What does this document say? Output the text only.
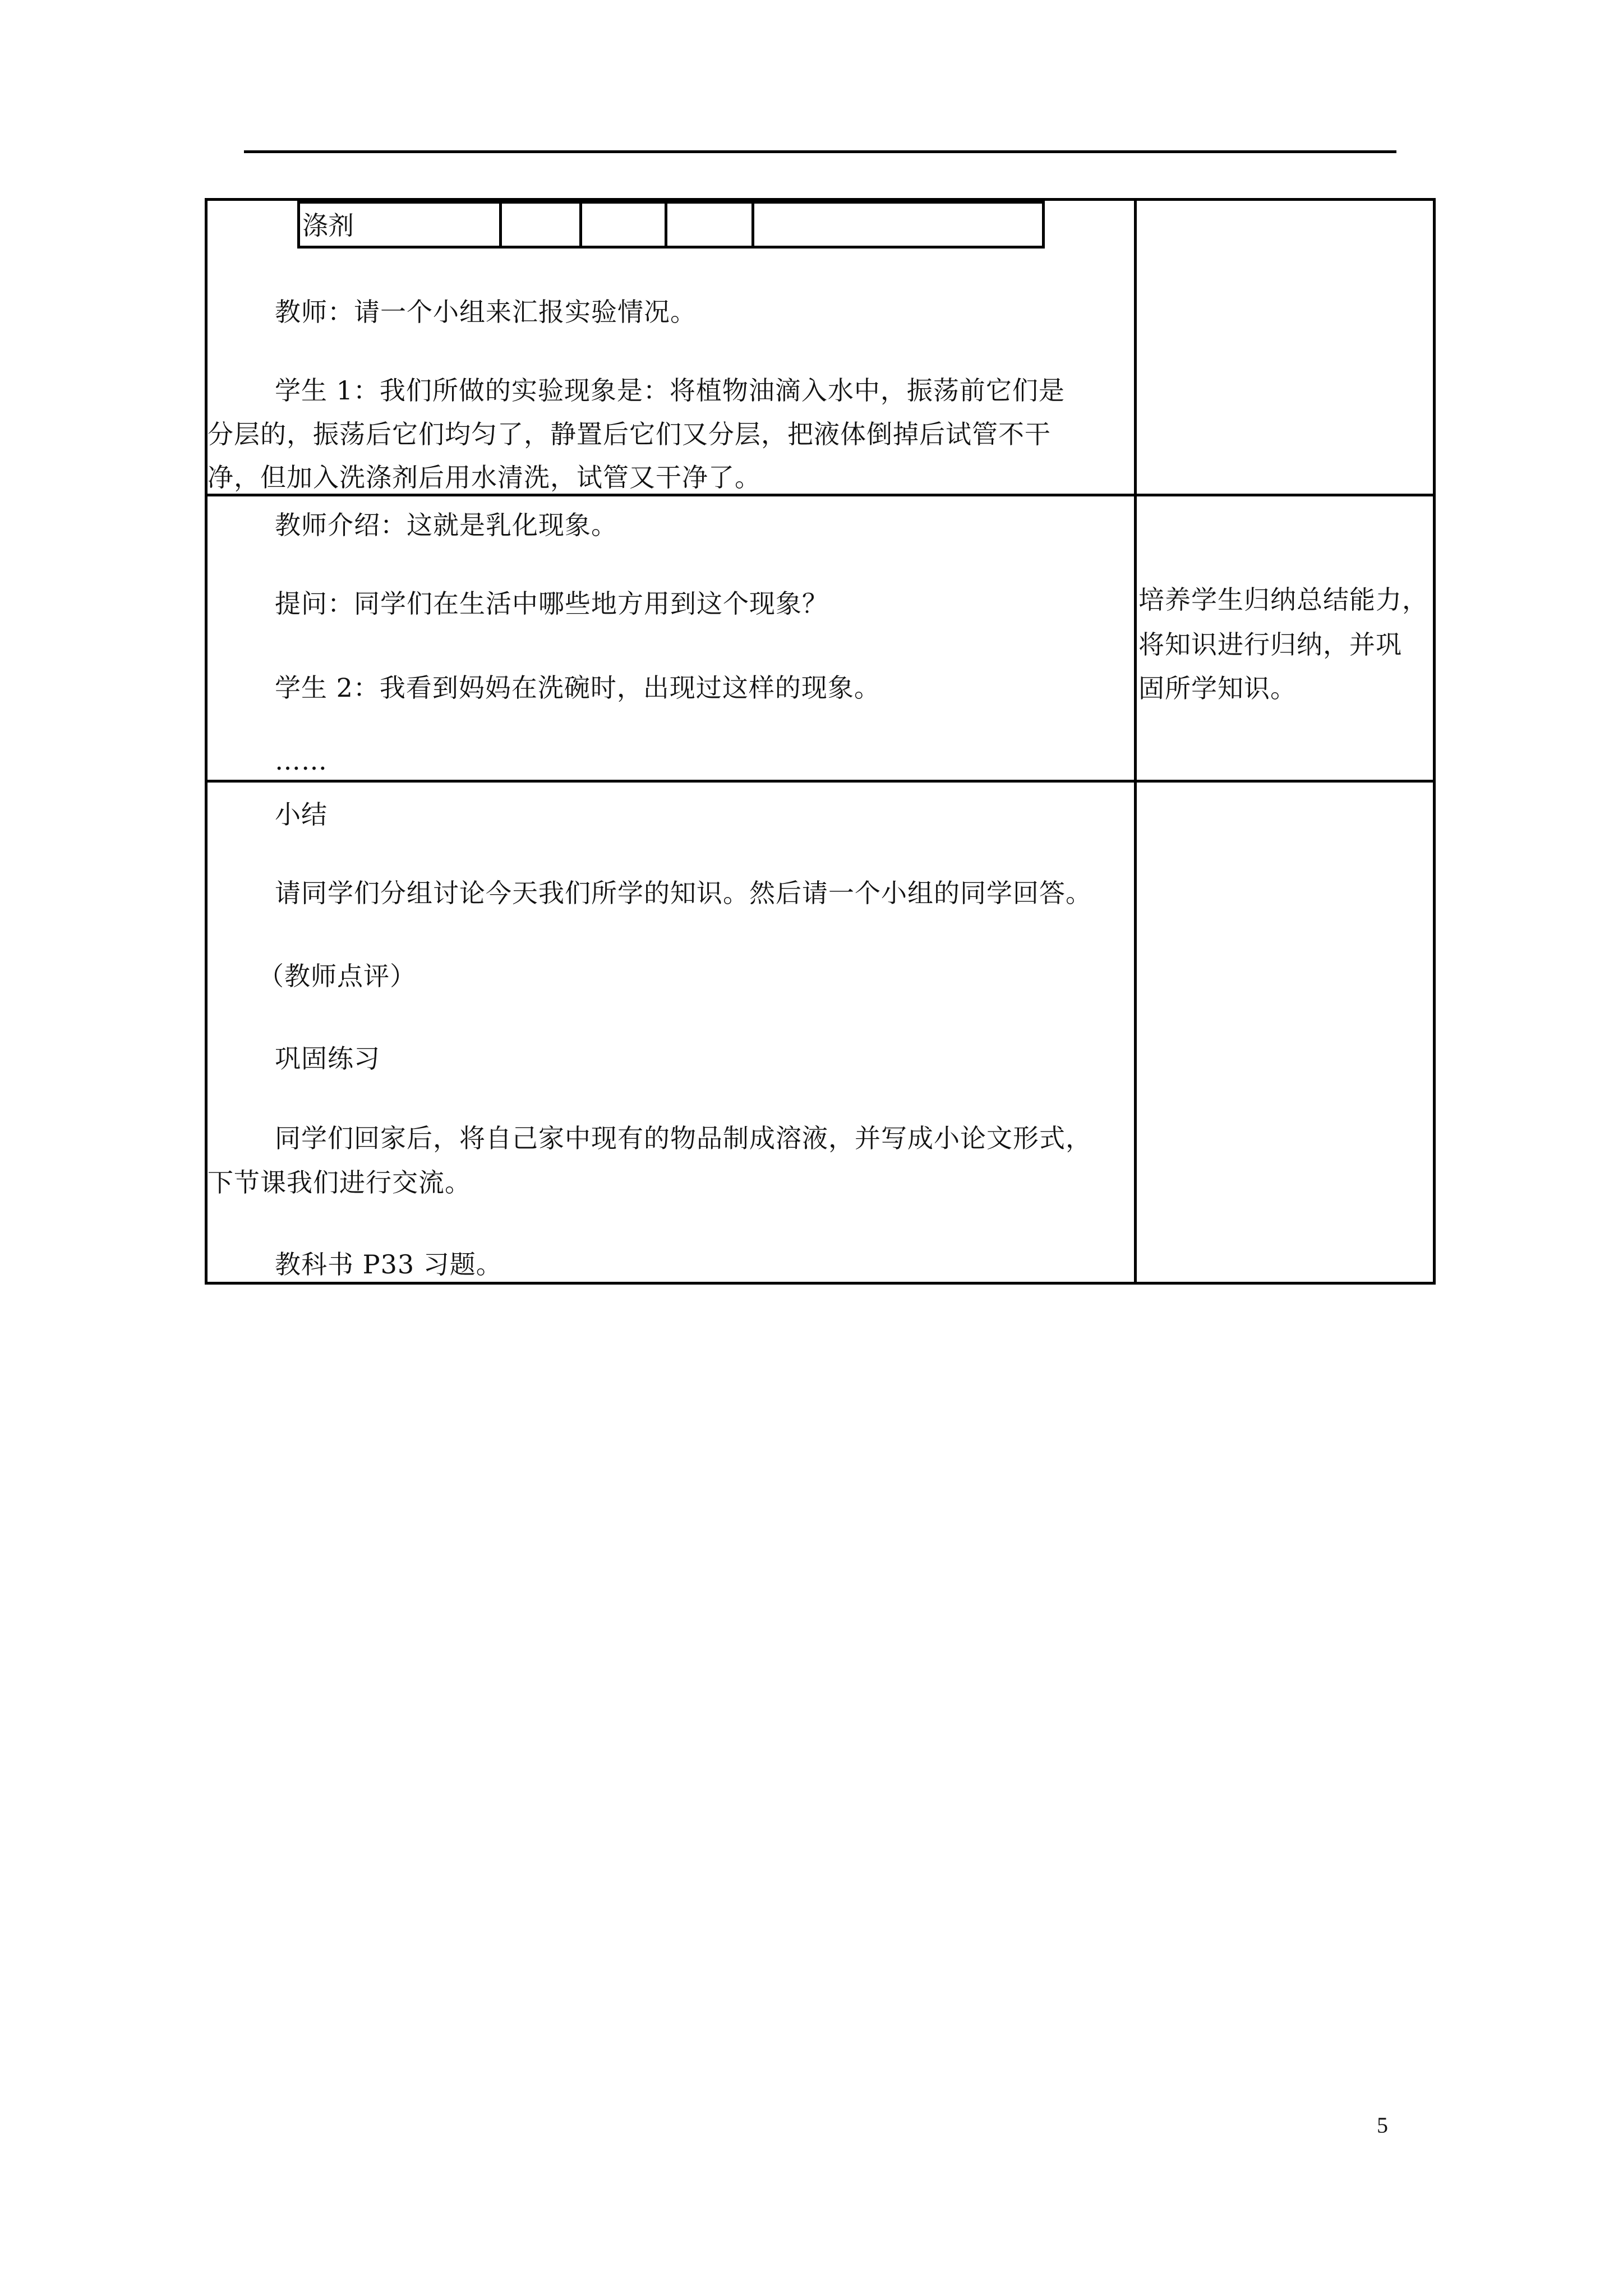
涤剂
教师：请一个小组来汇报实验情况。
学生 1：我们所做的实验现象是：将植物油滴入水中，振荡前它们是
分层的，振荡后它们均匀了，静置后它们又分层，把液体倒掉后试管不干
净，但加入洗涤剂后用水清洗，试管又干净了。
教师介绍：这就是乳化现象。
提问：同学们在生活中哪些地方用到这个现象？
学生 2：我看到妈妈在洗碗时，出现过这样的现象。
……
培养学生归纳总结能力，
将知识进行归纳，并巩
固所学知识。
小结
请同学们分组讨论今天我们所学的知识。然后请一个小组的同学回答。
（教师点评）
巩固练习
同学们回家后，将自己家中现有的物品制成溶液，并写成小论文形式，
下节课我们进行交流。
教科书 P33 习题。
5
